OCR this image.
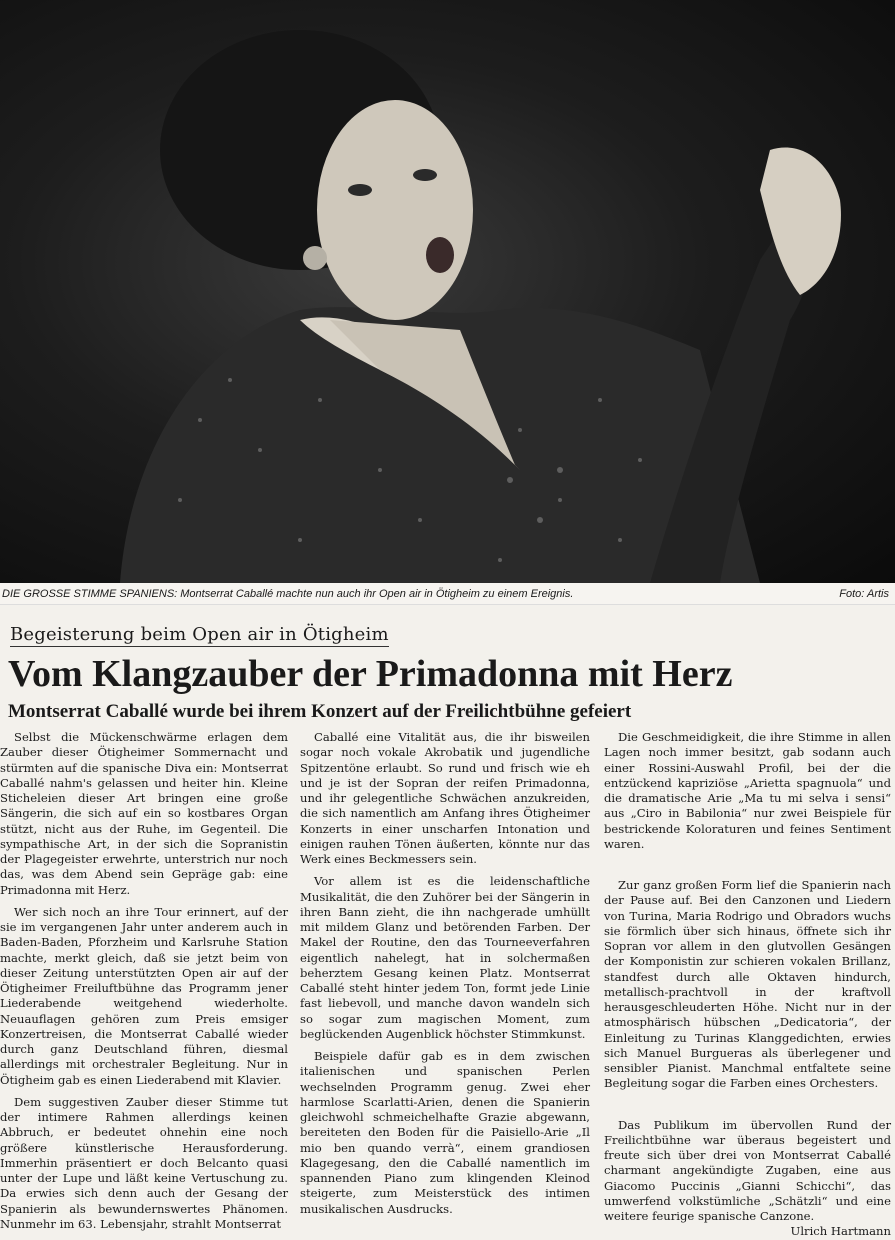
DIE GROSSE STIMME SPANIENS: Montserrat Caballé machte nun auch ihr Open air in Ötigheim zu einem Ereignis.	Foto: Artis
Begeisterung beim Open air in Ötigheim
Vom Klangzauber der Primadonna mit Herz
Montserrat Caballé wurde bei ihrem Konzert auf der Freilichtbühne gefeiert

Selbst die Mückenschwärme erlagen dem Zauber dieser Ötigheimer Sommernacht und stürmten auf die spanische Diva ein: Montserrat Caballé nahm's gelassen und heiter hin. Kleine Sticheleien dieser Art bringen eine große Sängerin, die sich auf ein so kostbares Organ stützt, nicht aus der Ruhe, im Gegenteil. Die sympathische Art, in der sich die Sopranistin der Plagegeister erwehrte, unterstrich nur noch das, was dem Abend sein Gepräge gab: eine Primadonna mit Herz.

Wer sich noch an ihre Tour erinnert, auf der sie im vergangenen Jahr unter anderem auch in Baden-Baden, Pforzheim und Karlsruhe Station machte, merkt gleich, daß sie jetzt beim von dieser Zeitung unterstützten Open air auf der Ötigheimer Freiluftbühne das Programm jener Liederabende weitgehend wiederholte. Neuauflagen gehören zum Preis emsiger Konzertreisen, die Montserrat Caballé wieder durch ganz Deutschland führen, diesmal allerdings mit orchestraler Begleitung. Nur in Ötigheim gab es einen Liederabend mit Klavier.

Dem suggestiven Zauber dieser Stimme tut der intimere Rahmen allerdings keinen Abbruch, er bedeutet ohnehin eine noch größere künstlerische Herausforderung. Immerhin präsentiert er doch Belcanto quasi unter der Lupe und läßt keine Vertuschung zu. Da erwies sich denn auch der Gesang der Spanierin als bewundernswertes Phänomen. Nunmehr im 63. Lebensjahr, strahlt Montserrat

Caballé eine Vitalität aus, die ihr bisweilen sogar noch vokale Akrobatik und jugendliche Spitzentöne erlaubt. So rund und frisch wie eh und je ist der Sopran der reifen Primadonna, und ihr gelegentliche Schwächen anzukreiden, die sich namentlich am Anfang ihres Ötigheimer Konzerts in einer unscharfen Intonation und einigen rauhen Tönen äußerten, könnte nur das Werk eines Beckmessers sein.

Vor allem ist es die leidenschaftliche Musikalität, die den Zuhörer bei der Sängerin in ihren Bann zieht, die ihn nachgerade umhüllt mit mildem Glanz und betörenden Farben. Der Makel der Routine, den das Tourneeverfahren eigentlich nahelegt, hat in solchermaßen beherztem Gesang keinen Platz. Montserrat Caballé steht hinter jedem Ton, formt jede Linie fast liebevoll, und manche davon wandeln sich so sogar zum magischen Moment, zum beglückenden Augenblick höchster Stimmkunst.

Beispiele dafür gab es in dem zwischen italienischen und spanischen Perlen wechselnden Programm genug. Zwei eher harmlose Scarlatti-Arien, denen die Spanierin gleichwohl schmeichelhafte Grazie abgewann, bereiteten den Boden für die Paisiello-Arie „Il mio ben quando verrà“, einem grandiosen Klagegesang, den die Caballé namentlich im spannenden Piano zum klingenden Kleinod steigerte, zum Meisterstück des intimen musikalischen Ausdrucks.

Die Geschmeidigkeit, die ihre Stimme in allen Lagen noch immer besitzt, gab sodann auch einer Rossini-Auswahl Profil, bei der die entzückend kapriziöse „Arietta spagnuola“ und die dramatische Arie „Ma tu mi selva i sensi“ aus „Ciro in Babilonia“ nur zwei Beispiele für bestrickende Koloraturen und feines Sentiment waren.

Zur ganz großen Form lief die Spanierin nach der Pause auf. Bei den Canzonen und Liedern von Turina, Maria Rodrigo und Obradors wuchs sie förmlich über sich hinaus, öffnete sich ihr Sopran vor allem in den glutvollen Gesängen der Komponistin zur schieren vokalen Brillanz, standfest durch alle Oktaven hindurch, metallisch-prachtvoll in der kraftvoll herausgeschleuderten Höhe. Nicht nur in der atmosphärisch hübschen „Dedicatoria“, der Einleitung zu Turinas Klanggedichten, erwies sich Manuel Burgueras als überlegener und sensibler Pianist. Manchmal entfaltete seine Begleitung sogar die Farben eines Orchesters.

Das Publikum im übervollen Rund der Freilichtbühne war überaus begeistert und freute sich über drei von Montserrat Caballé charmant angekündigte Zugaben, eine aus Giacomo Puccinis „Gianni Schicchi“, das umwerfend volkstümliche „Schätzli“ und eine weitere feurige spanische Canzone.

Ulrich Hartmann
